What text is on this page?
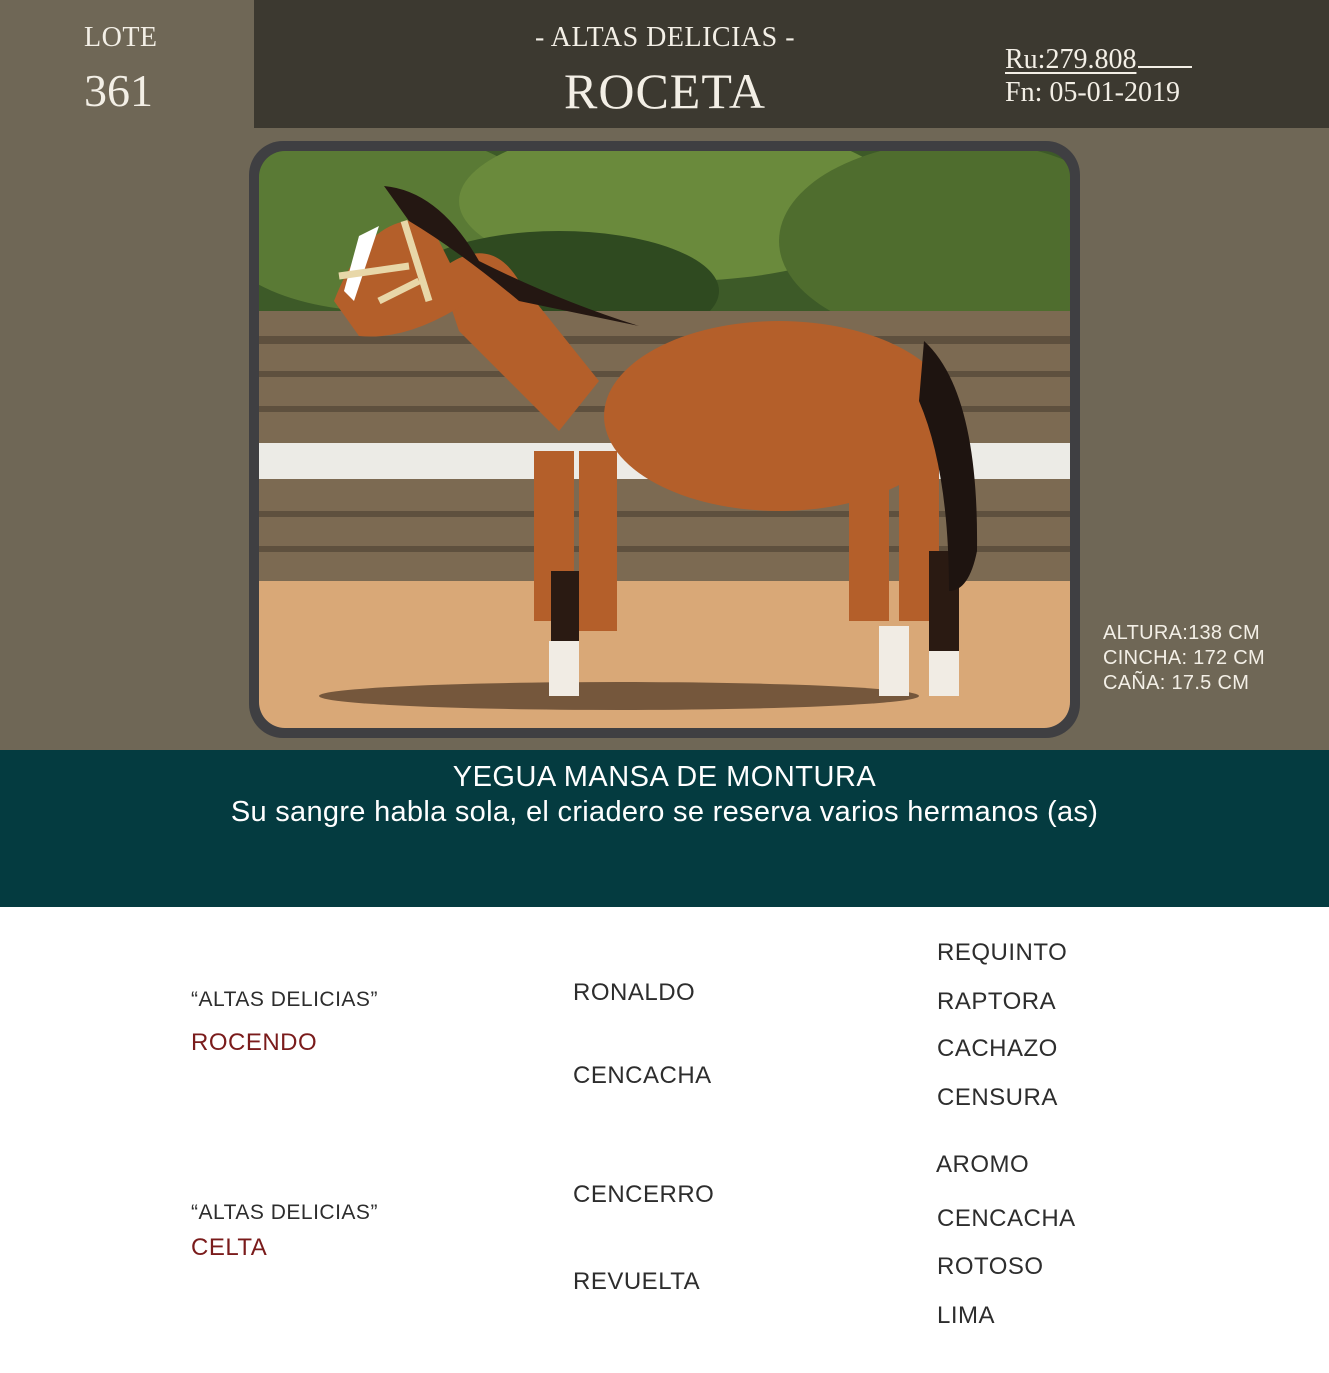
LOTE
361
- ALTAS DELICIAS -
ROCETA
Ru:279.808
Fn: 05-01-2019
ALTURA:138 CM
CINCHA: 172 CM
CAÑA: 17.5 CM
YEGUA MANSA DE MONTURA
Su sangre habla sola, el criadero se reserva varios hermanos (as)
“ALTAS DELICIAS”
ROCENDO
“ALTAS DELICIAS”
CELTA
RONALDO
CENCACHA
CENCERRO
REVUELTA
REQUINTO
RAPTORA
CACHAZO
CENSURA
AROMO
CENCACHA
ROTOSO
LIMA
